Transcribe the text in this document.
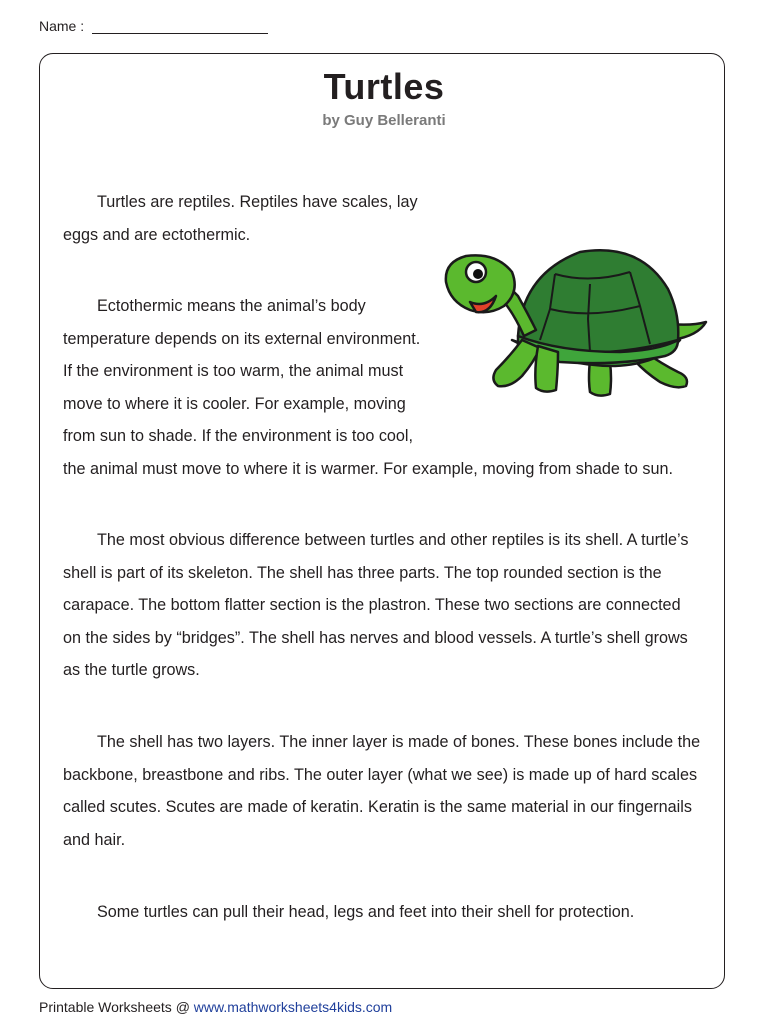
Name :
Turtles
by Guy Belleranti

Turtles are reptiles. Reptiles have scales, lay
eggs and are ectothermic.

Ectothermic means the animal’s body
temperature depends on its external environment.
If the environment is too warm, the animal must
move to where it is cooler. For example, moving
from sun to shade. If the environment is too cool,
the animal must move to where it is warmer. For example, moving from shade to sun.

The most obvious difference between turtles and other reptiles is its shell. A turtle’s
shell is part of its skeleton. The shell has three parts. The top rounded section is the
carapace. The bottom flatter section is the plastron. These two sections are connected
on the sides by “bridges”. The shell has nerves and blood vessels. A turtle’s shell grows
as the turtle grows.

The shell has two layers. The inner layer is made of bones. These bones include the
backbone, breastbone and ribs. The outer layer (what we see) is made up of hard scales
called scutes. Scutes are made of keratin. Keratin is the same material in our fingernails
and hair.

Some turtles can pull their head, legs and feet into their shell for protection.

Printable Worksheets @ www.mathworksheets4kids.com
